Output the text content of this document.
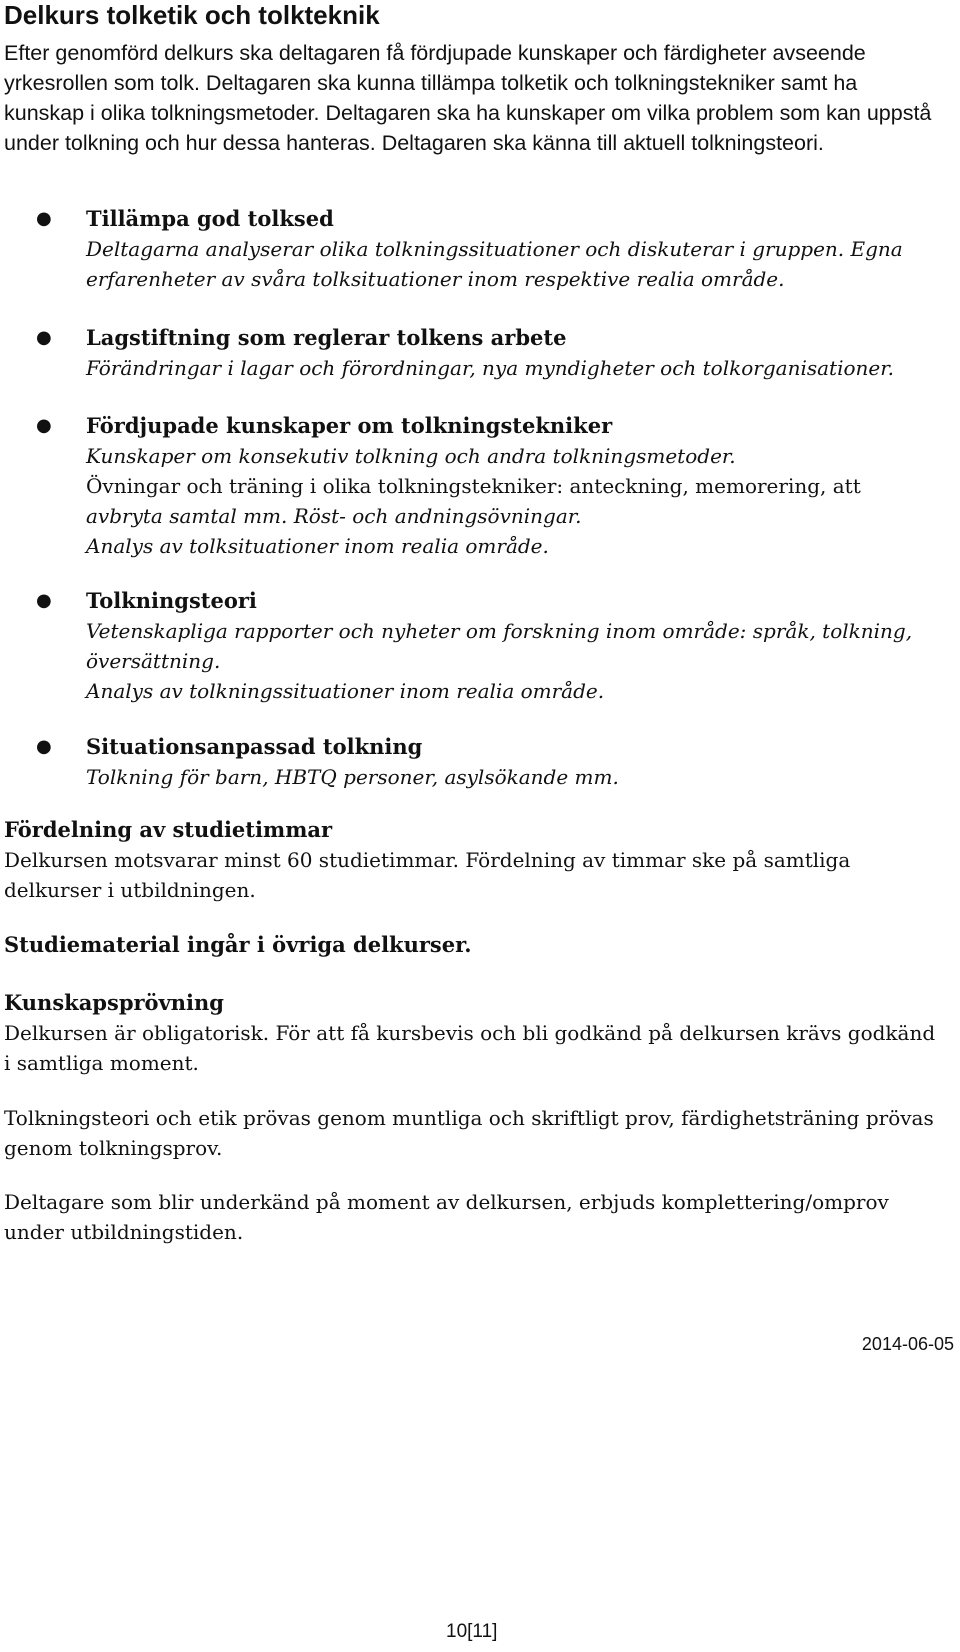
Delkurs tolketik och tolkteknik
Efter genomförd delkurs ska deltagaren få fördjupade kunskaper och färdigheter avseende yrkesrollen som tolk. Deltagaren ska kunna tillämpa tolketik och tolkningstekniker samt ha kunskap i olika tolkningsmetoder. Deltagaren ska ha kunskaper om vilka problem som kan uppstå under tolkning och hur dessa hanteras. Deltagaren ska känna till aktuell tolkningsteori.
● Tillämpa god tolksed
Deltagarna analyserar olika tolkningssituationer och diskuterar i gruppen. Egna
erfarenheter av svåra tolksituationer inom respektive realia område.
● Lagstiftning som reglerar tolkens arbete
Förändringar i lagar och förordningar, nya myndigheter och tolkorganisationer.
● Fördjupade kunskaper om tolkningstekniker
Kunskaper om konsekutiv tolkning och andra tolkningsmetoder.
Övningar och träning i olika tolkningstekniker: anteckning, memorering, att
avbryta samtal mm. Röst- och andningsövningar.
Analys av tolksituationer inom realia område.
● Tolkningsteori
Vetenskapliga rapporter och nyheter om forskning inom område: språk, tolkning,
översättning.
Analys av tolkningssituationer inom realia område.
● Situationsanpassad tolkning
Tolkning för barn, HBTQ personer, asylsökande mm.
Fördelning av studietimmar
Delkursen motsvarar minst 60 studietimmar. Fördelning av timmar ske på samtliga delkurser i utbildningen.
Studiematerial ingår i övriga delkurser.
Kunskapsprövning
Delkursen är obligatorisk. För att få kursbevis och bli godkänd på delkursen krävs godkänd i samtliga moment.
Tolkningsteori och etik prövas genom muntliga och skriftligt prov, färdighetsträning prövas genom tolkningsprov.
Deltagare som blir underkänd på moment av delkursen, erbjuds komplettering/omprov under utbildningstiden.
2014-06-05
10[11]
